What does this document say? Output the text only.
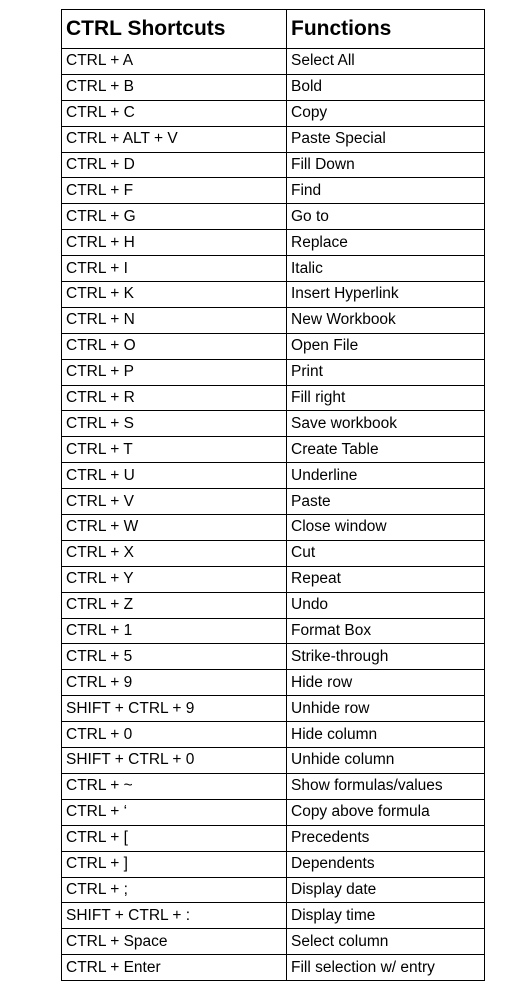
CTRL Shortcuts	Functions
CTRL + A	Select All
CTRL + B	Bold
CTRL + C	Copy
CTRL + ALT + V	Paste Special
CTRL + D	Fill Down
CTRL + F	Find
CTRL + G	Go to
CTRL + H	Replace
CTRL + I	Italic
CTRL + K	Insert Hyperlink
CTRL + N	New Workbook
CTRL + O	Open File
CTRL + P	Print
CTRL + R	Fill right
CTRL + S	Save workbook
CTRL + T	Create Table
CTRL + U	Underline
CTRL + V	Paste
CTRL + W	Close window
CTRL + X	Cut
CTRL + Y	Repeat
CTRL + Z	Undo
CTRL + 1	Format Box
CTRL + 5	Strike-through
CTRL + 9	Hide row
SHIFT + CTRL + 9	Unhide row
CTRL + 0	Hide column
SHIFT + CTRL + 0	Unhide column
CTRL + ~	Show formulas/values
CTRL + ‘	Copy above formula
CTRL + [	Precedents
CTRL + ]	Dependents
CTRL + ;	Display date
SHIFT + CTRL + :	Display time
CTRL + Space	Select column
CTRL + Enter	Fill selection w/ entry
